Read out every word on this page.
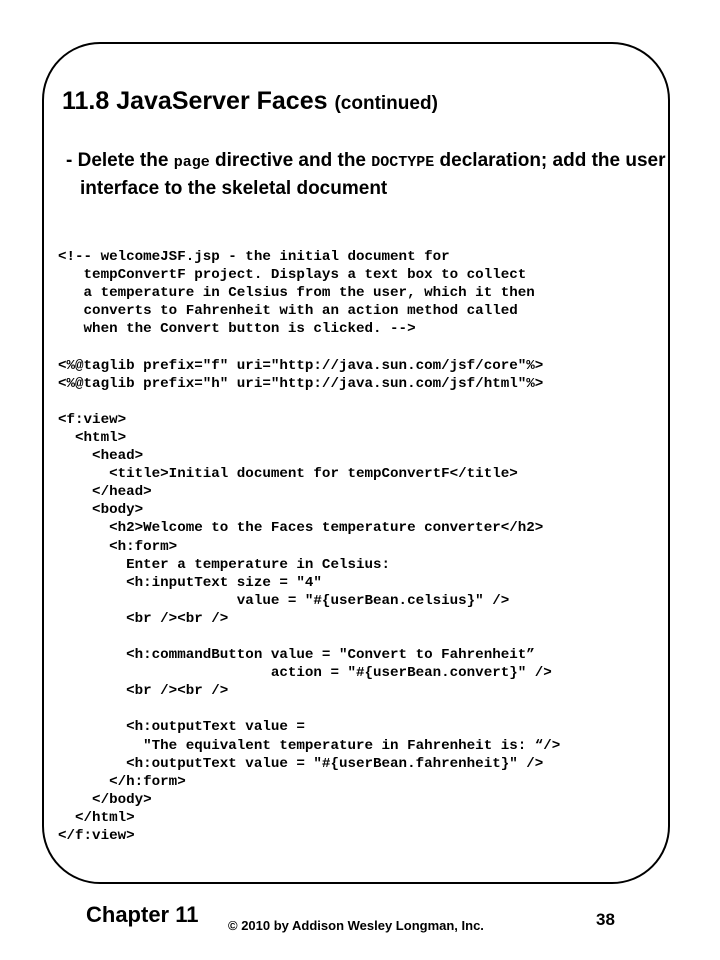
11.8 JavaServer Faces (continued)

- Delete the page directive and the DOCTYPE declaration; add the user interface to the skeletal document

<!-- welcomeJSF.jsp - the initial document for
tempConvertF project. Displays a text box to collect
a temperature in Celsius from the user, which it then
converts to Fahrenheit with an action method called
when the Convert button is clicked. -->
<%@taglib prefix="f" uri="http://java.sun.com/jsf/core"%>
<%@taglib prefix="h" uri="http://java.sun.com/jsf/html"%>
<f:view>
<html>
<head>
<title>Initial document for tempConvertF</title>
</head>
<body>
<h2>Welcome to the Faces temperature converter</h2>
<h:form>
Enter a temperature in Celsius:
<h:inputText size = "4"
value = "#{userBean.celsius}" />
<br /><br />
<h:commandButton value = "Convert to Fahrenheit”
action = "#{userBean.convert}" />
<br /><br />
<h:outputText value =
"The equivalent temperature in Fahrenheit is: “/>
<h:outputText value = "#{userBean.fahrenheit}" />
</h:form>
</body>
</html>
</f:view>
Chapter 11 © 2010 by Addison Wesley Longman, Inc.	38
